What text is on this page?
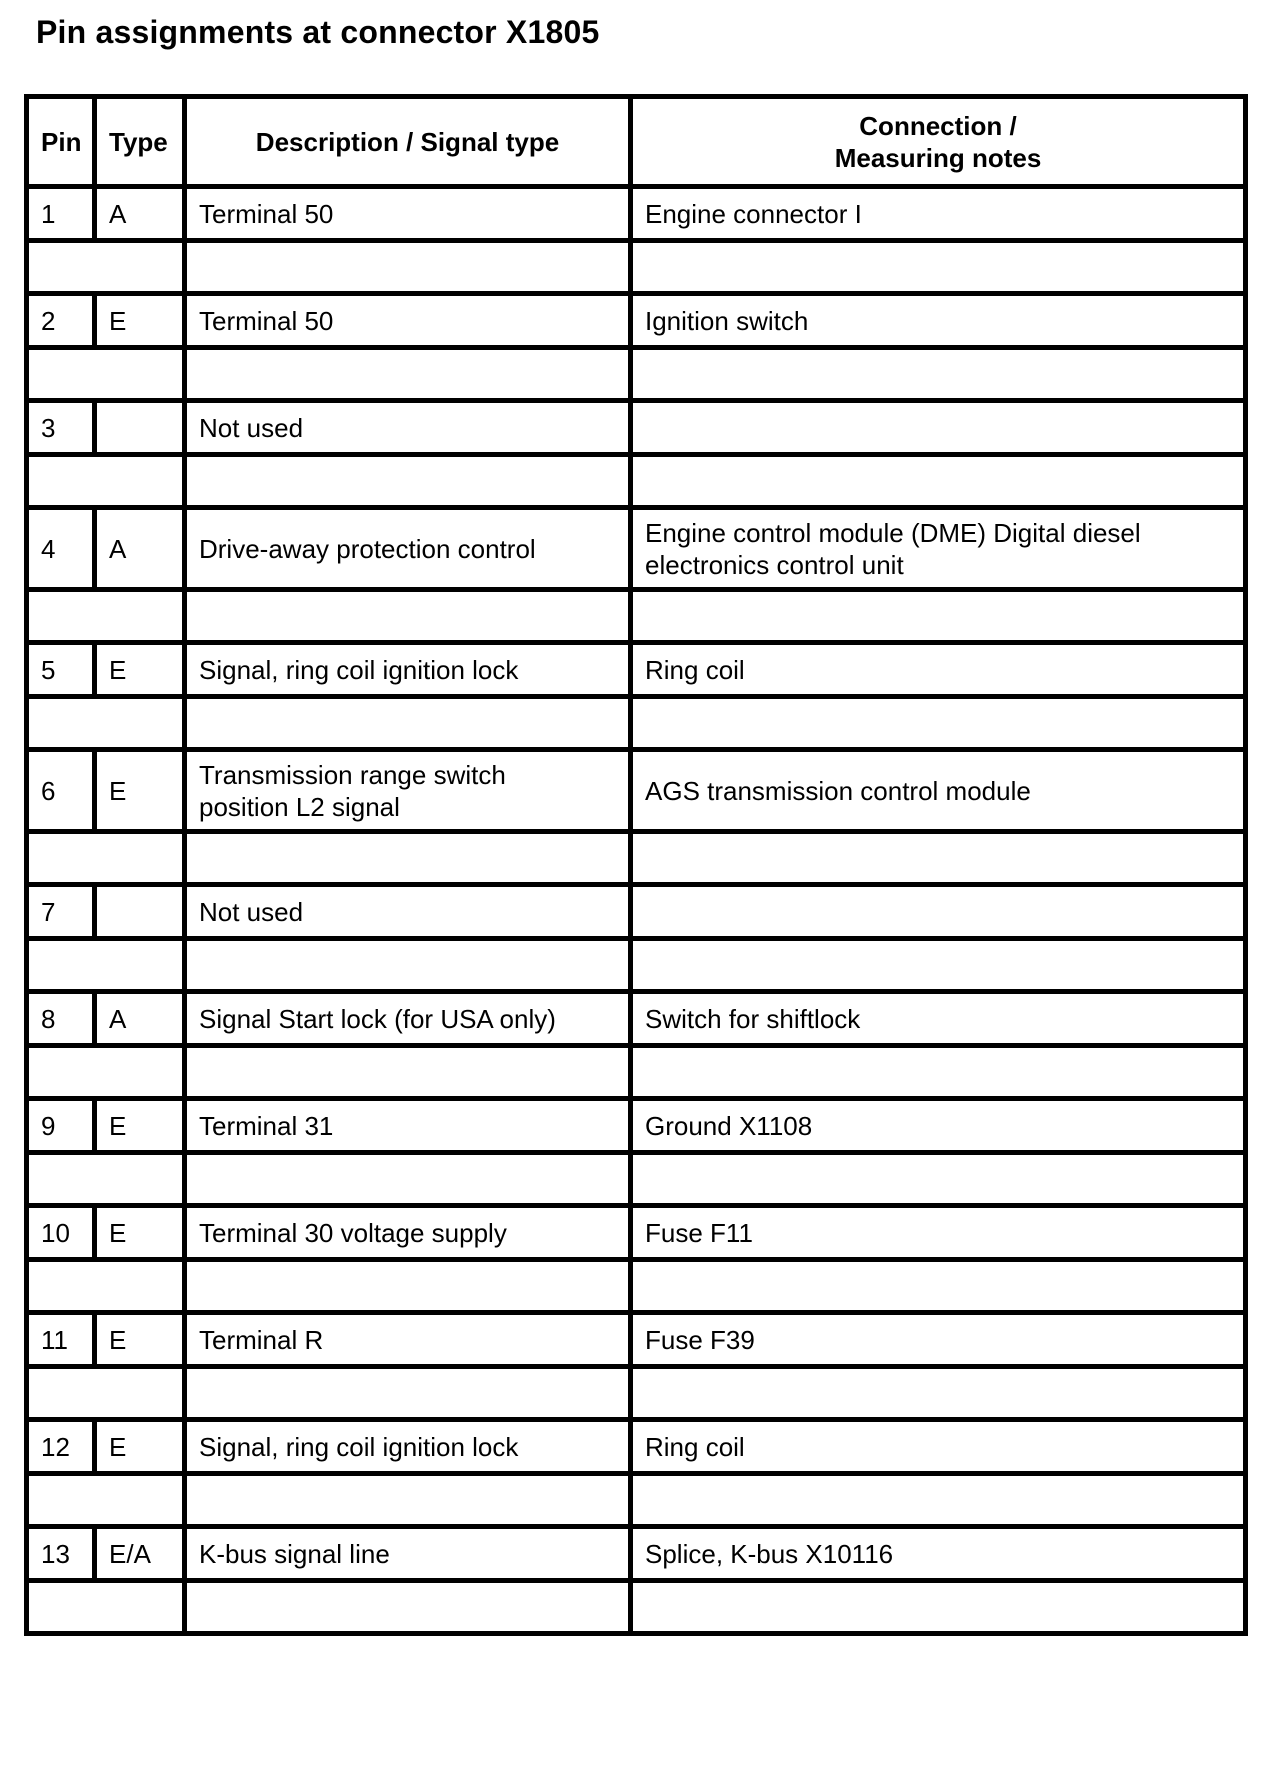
Pin assignments at connector X1805
Pin	Type	Description / Signal type	Connection /
Measuring notes
1	A	Terminal 50	Engine connector I

2	E	Terminal 50	Ignition switch

3		Not used	

4	A	Drive-away protection control	Engine control module (DME) Digital diesel
electronics control unit

5	E	Signal, ring coil ignition lock	Ring coil

6	E	Transmission range switch
position L2 signal	AGS transmission control module

7		Not used	

8	A	Signal Start lock (for USA only)	Switch for shiftlock

9	E	Terminal 31	Ground X1108

10	E	Terminal 30 voltage supply	Fuse F11

11	E	Terminal R	Fuse F39

12	E	Signal, ring coil ignition lock	Ring coil

13	E/A	K-bus signal line	Splice, K-bus X10116
